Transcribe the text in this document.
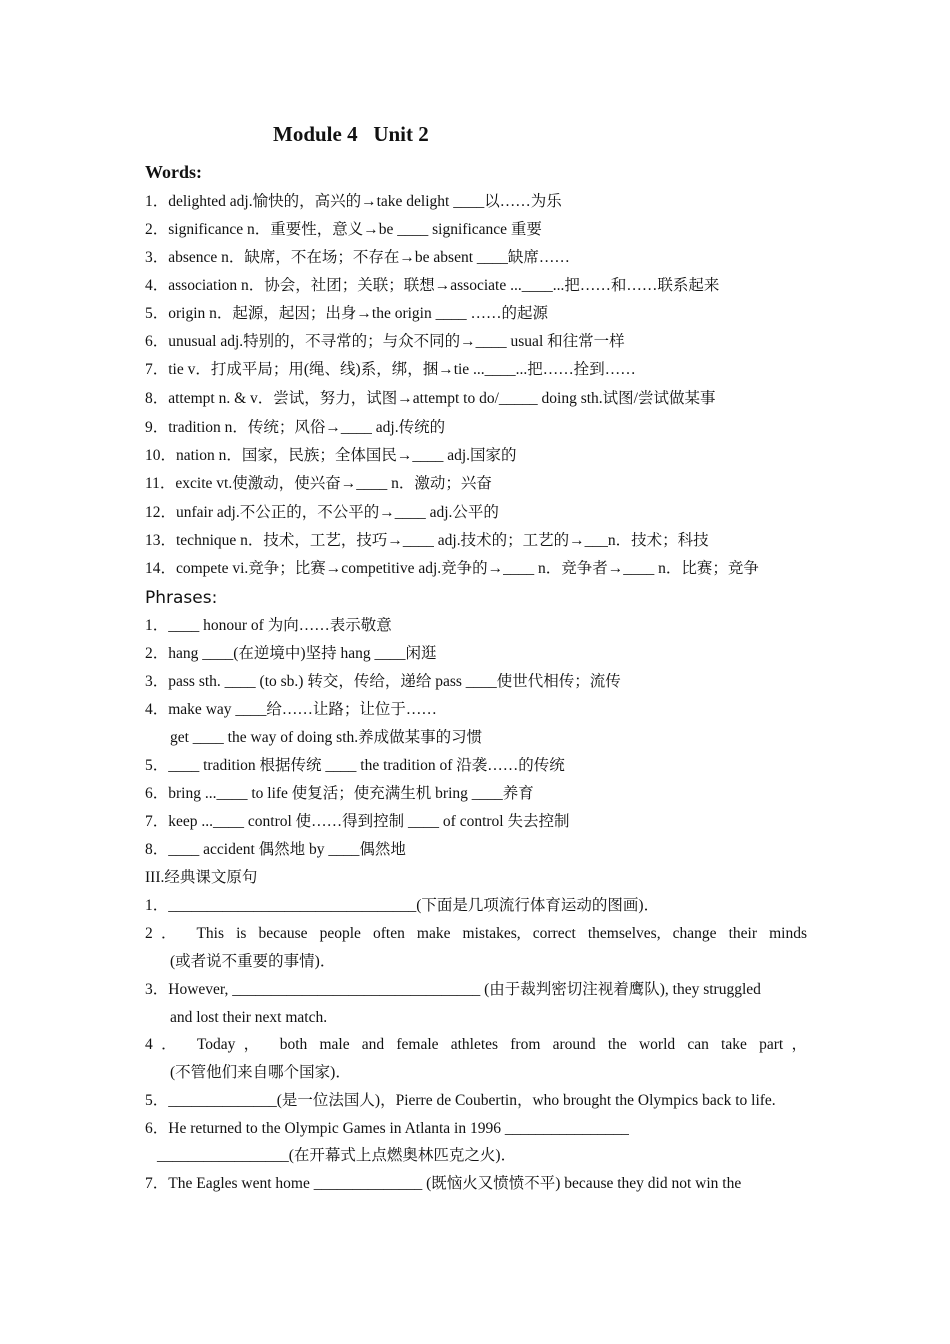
Module 4   Unit 2
Words:
1．delighted adj.愉快的，高兴的→take delight ____以……为乐
2．significance n．重要性，意义→be ____ significance 重要
3．absence n．缺席，不在场；不存在→be absent ____缺席……
4．association n．协会，社团；关联；联想→associate ...____...把……和……联系起来
5．origin n．起源，起因；出身→the origin ____ ……的起源
6．unusual adj.特别的，不寻常的；与众不同的→____ usual 和往常一样
7．tie v．打成平局；用(绳、线)系，绑，捆→tie ...____...把……拴到……
8．attempt n. & v．尝试，努力，试图→attempt to do/_____ doing sth.试图/尝试做某事
9．tradition n．传统；风俗→____ adj.传统的
10．nation n．国家，民族；全体国民→____ adj.国家的
11．excite vt.使激动，使兴奋→____ n．激动；兴奋
12．unfair adj.不公正的，不公平的→____ adj.公平的
13．technique n．技术，工艺，技巧→____ adj.技术的；工艺的→___n．技术；科技
14．compete vi.竞争；比赛→competitive adj.竞争的→____ n．竞争者→____ n．比赛；竞争
Phrases:
1．____ honour of 为向……表示敬意
2．hang ____(在逆境中)坚持 hang ____闲逛
3．pass sth. ____ (to sb.) 转交，传给，递给 pass ____使世代相传；流传
4．make way ____给……让路；让位于……
get ____ the way of doing sth.养成做某事的习惯
5．____ tradition 根据传统 ____ the tradition of 沿袭……的传统
6．bring ...____ to life 使复活；使充满生机 bring ____养育
7．keep ...____ control 使……得到控制 ____ of control 失去控制
8．____ accident 偶然地 by ____偶然地
III.经典课文原句
1．________________________________(下面是几项流行体育运动的图画)．
2． This is because people often make mistakes, correct themselves, change their minds
(或者说不重要的事情)．
3．However, ________________________________ (由于裁判密切注视着鹰队), they struggled
and lost their next match.
4． Today， both male and female athletes from around the world can take part，
(不管他们来自哪个国家)．
5．______________(是一位法国人)，Pierre de Coubertin，who brought the Olympics back to life.
6．He returned to the Olympic Games in Atlanta in 1996 ________________
_________________(在开幕式上点燃奥林匹克之火)．
7．The Eagles went home ______________ (既恼火又愤愤不平) because they did not win the
